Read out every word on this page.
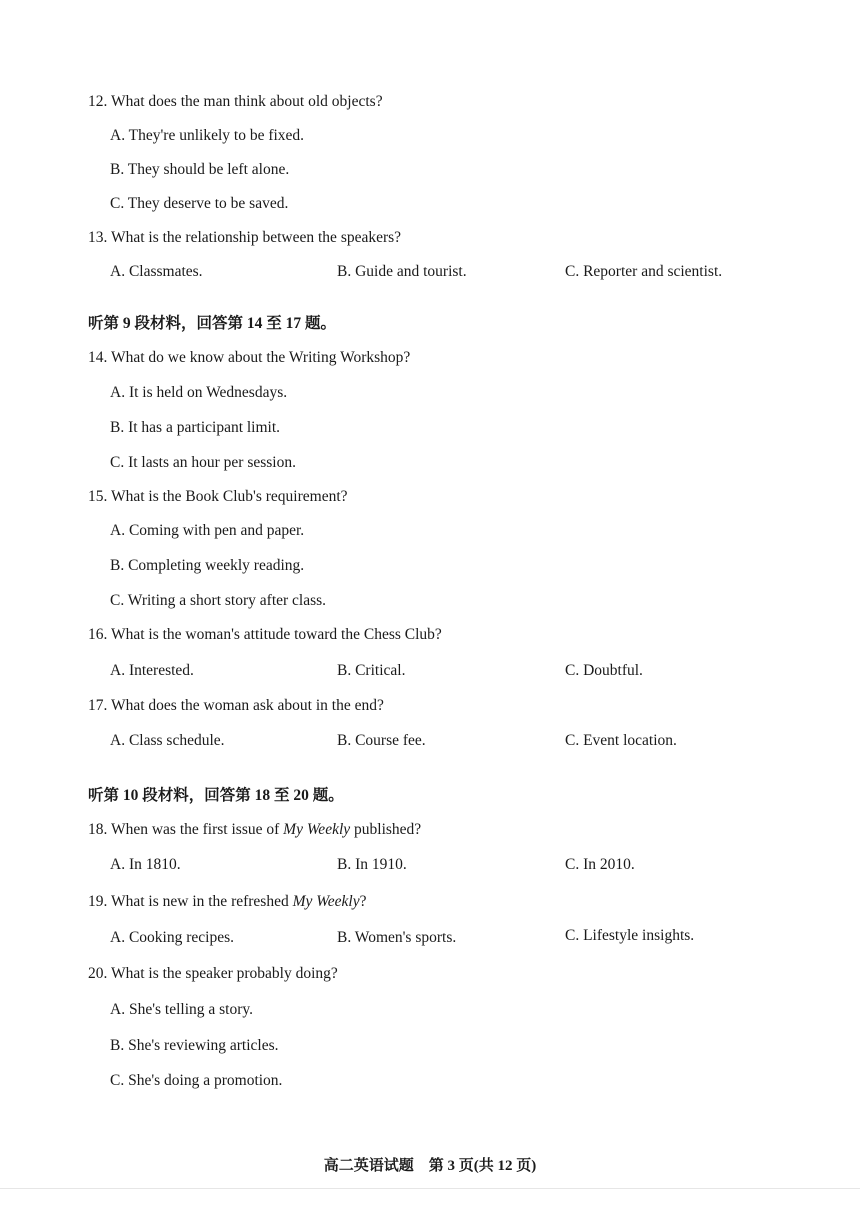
12. What does the man think about old objects?
A. They're unlikely to be fixed.
B. They should be left alone.
C. They deserve to be saved.
13. What is the relationship between the speakers?
A. Classmates.	B. Guide and tourist.	C. Reporter and scientist.
听第 9 段材料，回答第 14 至 17 题。
14. What do we know about the Writing Workshop?
A. It is held on Wednesdays.
B. It has a participant limit.
C. It lasts an hour per session.
15. What is the Book Club's requirement?
A. Coming with pen and paper.
B. Completing weekly reading.
C. Writing a short story after class.
16. What is the woman's attitude toward the Chess Club?
A. Interested.	B. Critical.	C. Doubtful.
17. What does the woman ask about in the end?
A. Class schedule.	B. Course fee.	C. Event location.
听第 10 段材料，回答第 18 至 20 题。
18. When was the first issue of My Weekly published?
A. In 1810.	B. In 1910.	C. In 2010.
19. What is new in the refreshed My Weekly?
A. Cooking recipes.	B. Women's sports.	C. Lifestyle insights.
20. What is the speaker probably doing?
A. She's telling a story.
B. She's reviewing articles.
C. She's doing a promotion.
高二英语试题　第 3 页(共 12 页)
